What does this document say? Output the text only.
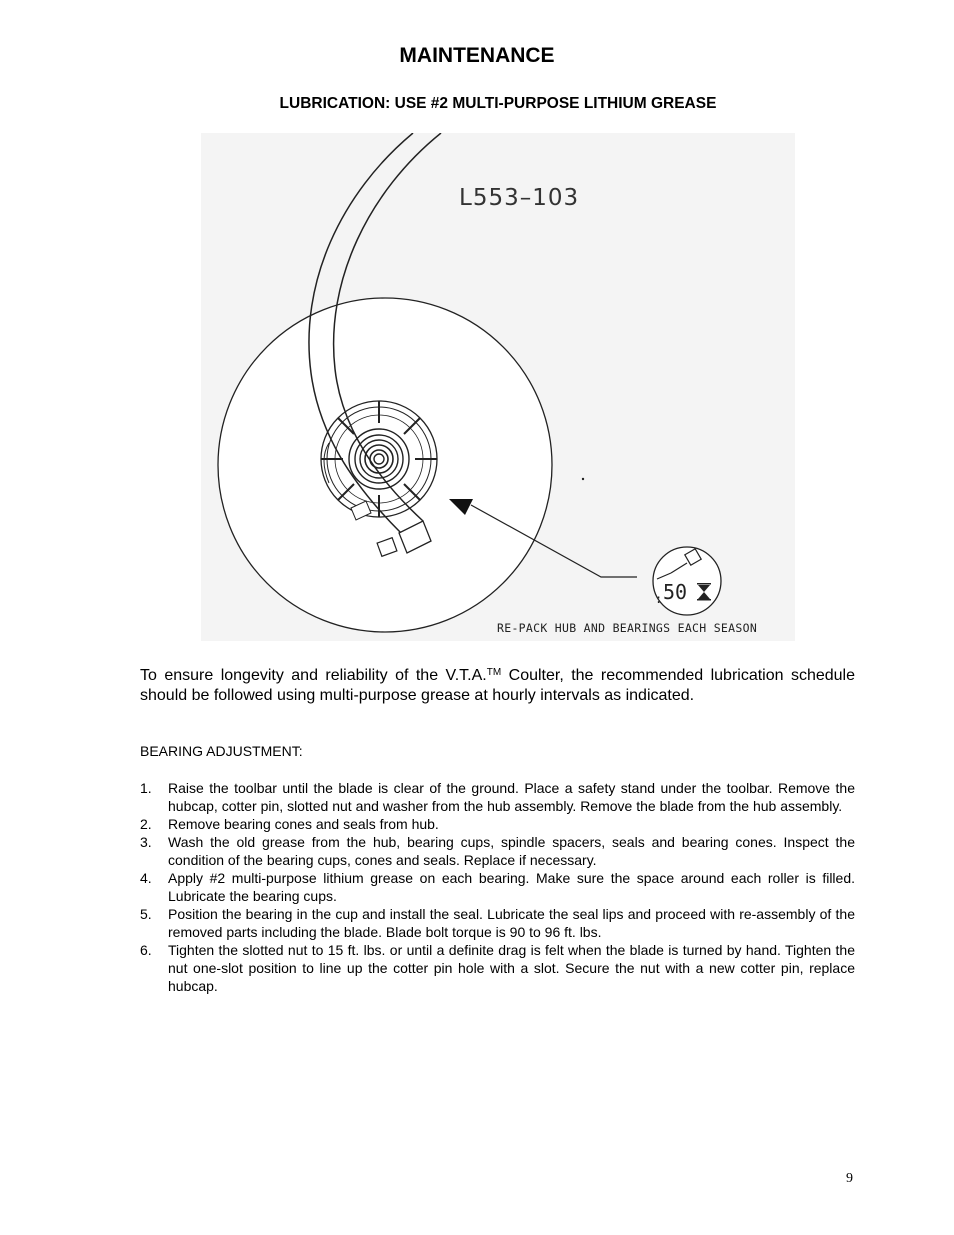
MAINTENANCE
LUBRICATION: USE #2 MULTI-PURPOSE LITHIUM GREASE
50
:
L553–103
RE-PACK HUB AND BEARINGS EACH SEASON
To ensure longevity and reliability of the V.T.A.™ Coulter, the recommended lubrication schedule should be followed using multi-purpose grease at hourly intervals as indicated.
BEARING ADJUSTMENT:
1. Raise the toolbar until the blade is clear of the ground. Place a safety stand under the toolbar. Remove the hubcap, cotter pin, slotted nut and washer from the hub assembly. Remove the blade from the hub assembly.
2. Remove bearing cones and seals from hub.
3. Wash the old grease from the hub, bearing cups, spindle spacers, seals and bearing cones. Inspect the condition of the bearing cups, cones and seals. Replace if necessary.
4. Apply #2 multi-purpose lithium grease on each bearing. Make sure the space around each roller is filled. Lubricate the bearing cups.
5. Position the bearing in the cup and install the seal. Lubricate the seal lips and proceed with re-assembly of the removed parts including the blade. Blade bolt torque is 90 to 96 ft. lbs.
6. Tighten the slotted nut to 15 ft. lbs. or until a definite drag is felt when the blade is turned by hand. Tighten the nut one-slot position to line up the cotter pin hole with a slot. Secure the nut with a new cotter pin, replace hubcap.
9
